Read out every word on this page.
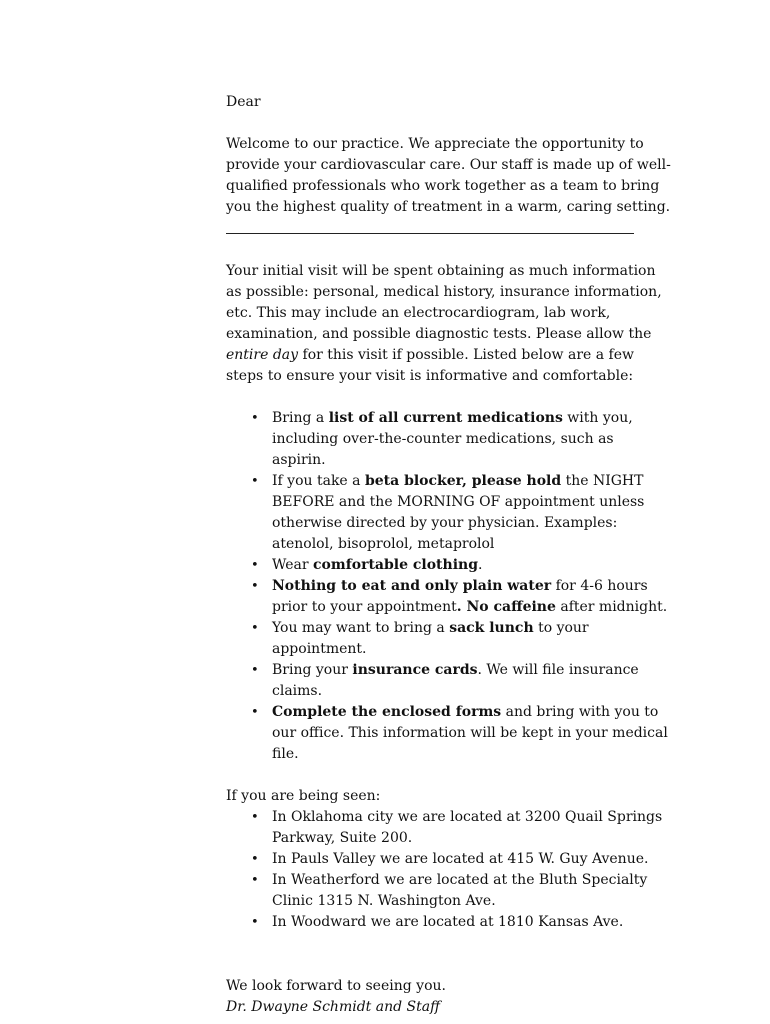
Dear

Welcome to our practice. We appreciate the opportunity to provide your cardiovascular care. Our staff is made up of well-qualified professionals who work together as a team to bring you the highest quality of treatment in a warm, caring setting.

Your initial visit will be spent obtaining as much information as possible: personal, medical history, insurance information, etc. This may include an electrocardiogram, lab work, examination, and possible diagnostic tests. Please allow the entire day for this visit if possible. Listed below are a few steps to ensure your visit is informative and comfortable:

• Bring a list of all current medications with you, including over-the-counter medications, such as aspirin.
• If you take a beta blocker, please hold the NIGHT BEFORE and the MORNING OF appointment unless otherwise directed by your physician. Examples: atenolol, bisoprolol, metaprolol
• Wear comfortable clothing.
• Nothing to eat and only plain water for 4-6 hours prior to your appointment. No caffeine after midnight.
• You may want to bring a sack lunch to your appointment.
• Bring your insurance cards. We will file insurance claims.
• Complete the enclosed forms and bring with you to our office. This information will be kept in your medical file.

If you are being seen:

• In Oklahoma city we are located at 3200 Quail Springs Parkway, Suite 200.
• In Pauls Valley we are located at 415 W. Guy Avenue.
• In Weatherford we are located at the Bluth Specialty Clinic 1315 N. Washington Ave.
• In Woodward we are located at 1810 Kansas Ave.

We look forward to seeing you.

Dr. Dwayne Schmidt and Staff
